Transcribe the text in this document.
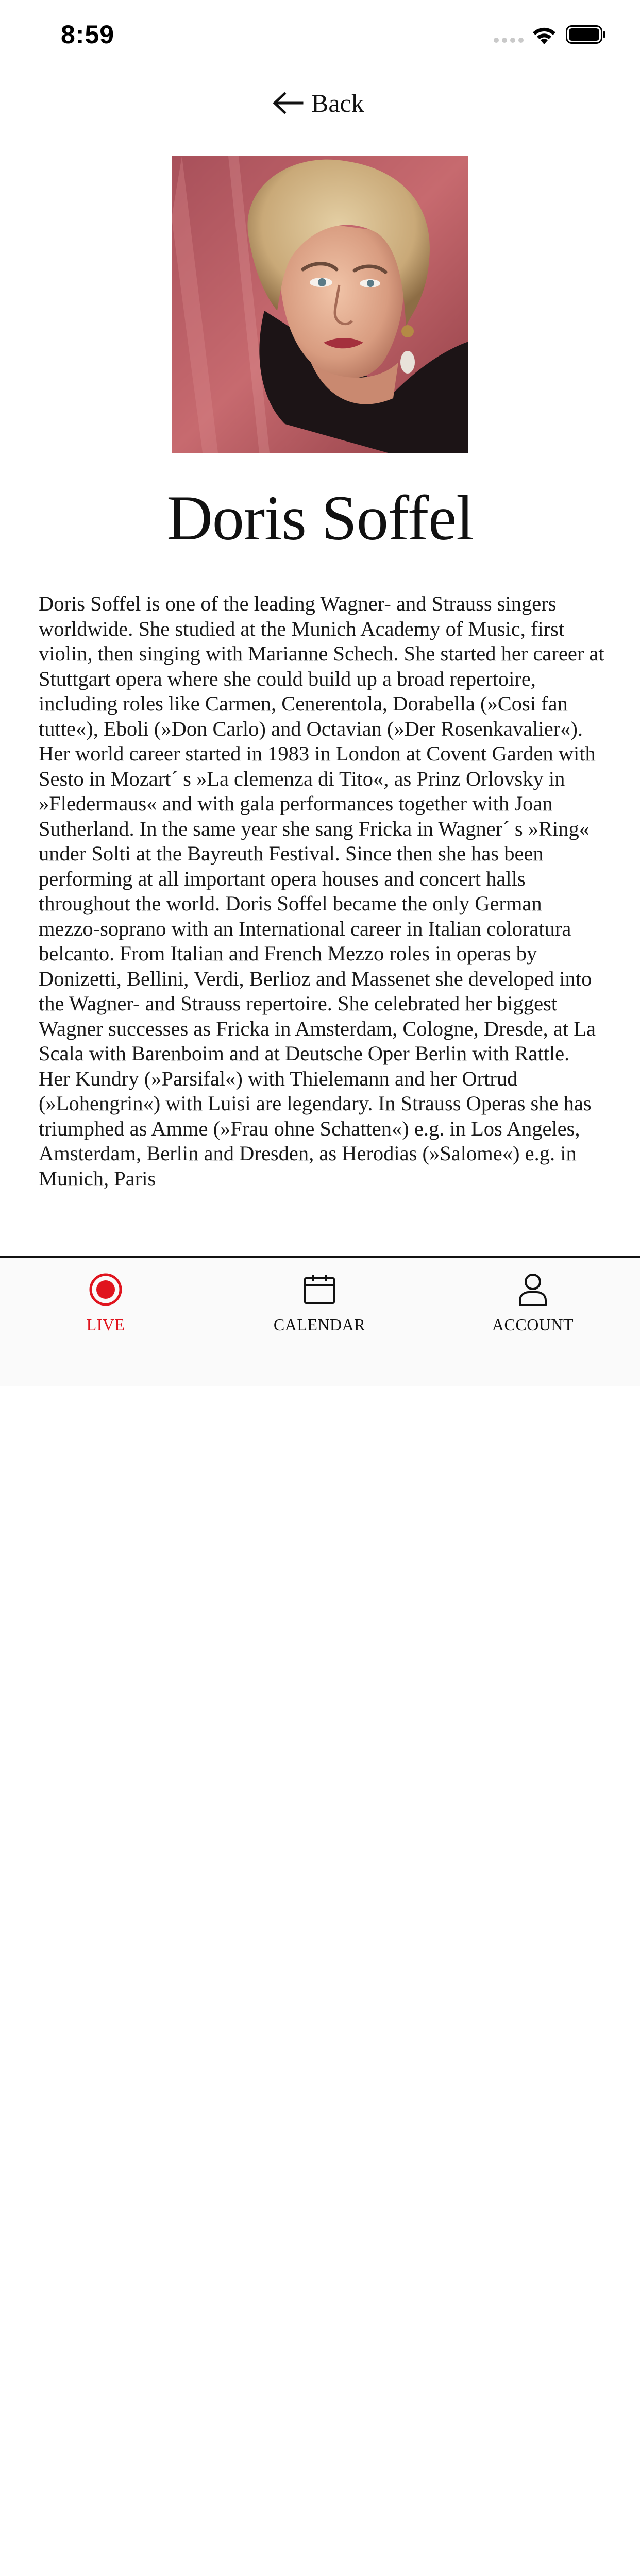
8:59
Back
Doris Soffel

Doris Soffel is one of the leading Wagner- and Strauss singers worldwide. She studied at the Munich Academy of Music, first violin, then singing with Marianne Schech. She started her career at Stuttgart opera where she could build up a broad repertoire, including roles like Carmen, Cenerentola, Dorabella (»Cosi fan tutte«), Eboli (»Don Carlo) and Octavian (»Der Rosenkavalier«). Her world career started in 1983 in London at Covent Garden with Sesto in Mozart´ s »La clemenza di Tito«, as Prinz Orlovsky in »Fledermaus« and with gala performances together with Joan Sutherland. In the same year she sang Fricka in Wagner´ s »Ring« under Solti at the Bayreuth Festival. Since then she has been performing at all important opera houses and concert halls throughout the world. Doris Soffel became the only German mezzo-soprano with an International career in Italian coloratura belcanto. From Italian and French Mezzo roles in operas by Donizetti, Bellini, Verdi, Berlioz and Massenet she developed into the Wagner- and Strauss repertoire. She celebrated her biggest Wagner successes as Fricka in Amsterdam, Cologne, Dresde, at La Scala with Barenboim and at Deutsche Oper Berlin with Rattle. Her Kundry (»Parsifal«) with Thielemann and her Ortrud (»Lohengrin«) with Luisi are legendary. In Strauss Operas she has triumphed as Amme (»Frau ohne Schatten«) e.g. in Los Angeles, Amsterdam, Berlin and Dresden, as Herodias (»Salome«) e.g. in Munich, Paris

LIVE	CALENDAR	ACCOUNT
